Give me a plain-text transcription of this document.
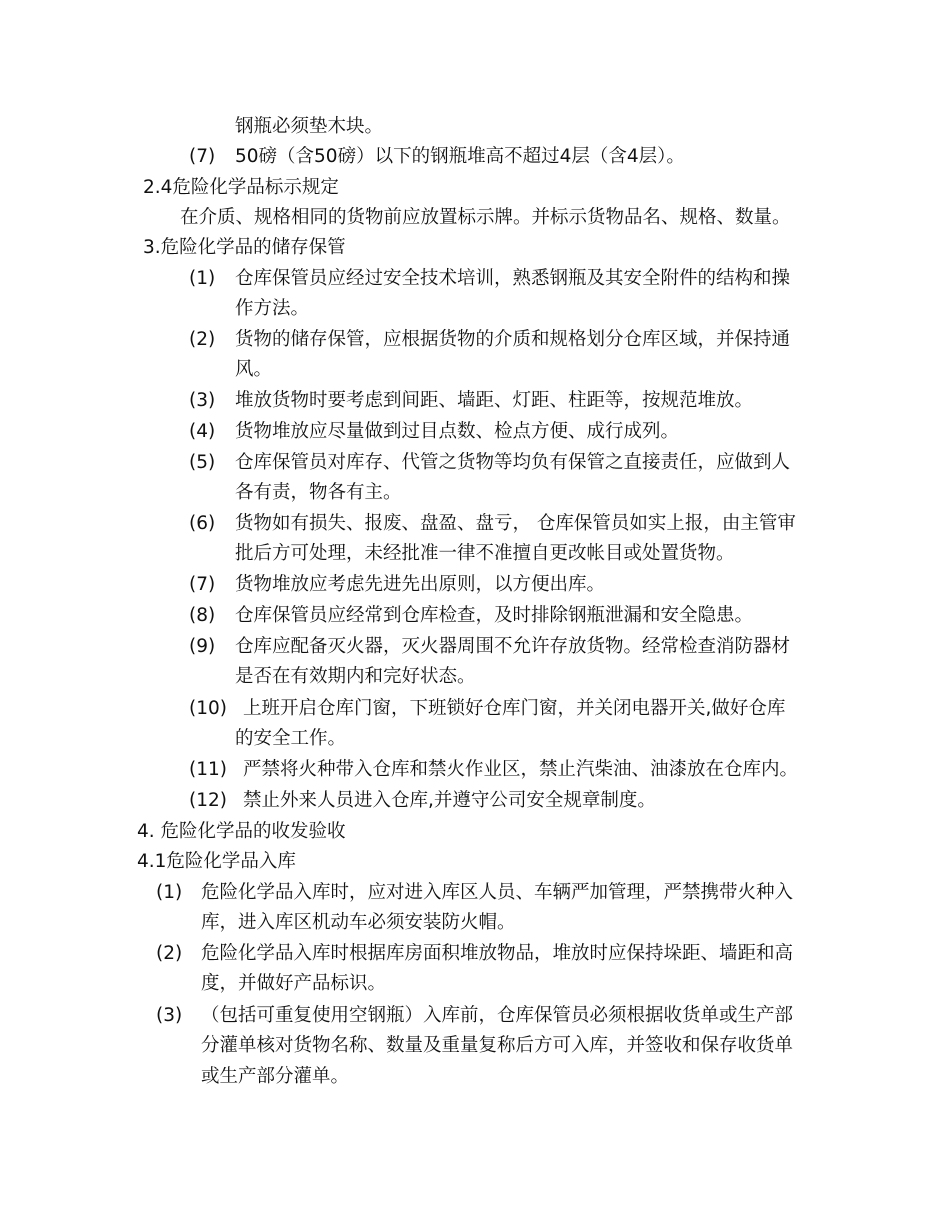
钢瓶必须垫木块。

(7) 50磅（含50磅）以下的钢瓶堆高不超过4层（含4层）。

2.4危险化学品标示规定

在介质、规格相同的货物前应放置标示牌。并标示货物品名、规格、数量。

3.危险化学品的储存保管

(1) 仓库保管员应经过安全技术培训，熟悉钢瓶及其安全附件的结构和操

作方法。

(2) 货物的储存保管，应根据货物的介质和规格划分仓库区域，并保持通

风。

(3) 堆放货物时要考虑到间距、墙距、灯距、柱距等，按规范堆放。

(4) 货物堆放应尽量做到过目点数、检点方便、成行成列。

(5) 仓库保管员对库存、代管之货物等均负有保管之直接责任，应做到人

各有责，物各有主。

(6) 货物如有损失、报废、盘盈、盘亏， 仓库保管员如实上报，由主管审

批后方可处理，未经批准一律不准擅自更改帐目或处置货物。

(7) 货物堆放应考虑先进先出原则，以方便出库。

(8) 仓库保管员应经常到仓库检查，及时排除钢瓶泄漏和安全隐患。

(9) 仓库应配备灭火器，灭火器周围不允许存放货物。经常检查消防器材

是否在有效期内和完好状态。

(10) 上班开启仓库门窗，下班锁好仓库门窗，并关闭电器开关,做好仓库

的安全工作。

(11) 严禁将火种带入仓库和禁火作业区，禁止汽柴油、油漆放在仓库内。

(12) 禁止外来人员进入仓库,并遵守公司安全规章制度。

4. 危险化学品的收发验收

4.1危险化学品入库

(1) 危险化学品入库时，应对进入库区人员、车辆严加管理，严禁携带火种入

库，进入库区机动车必须安装防火帽。

(2) 危险化学品入库时根据库房面积堆放物品，堆放时应保持垛距、墙距和高

度，并做好产品标识。

(3) （包括可重复使用空钢瓶）入库前，仓库保管员必须根据收货单或生产部

分灌单核对货物名称、数量及重量复称后方可入库，并签收和保存收货单

或生产部分灌单。
